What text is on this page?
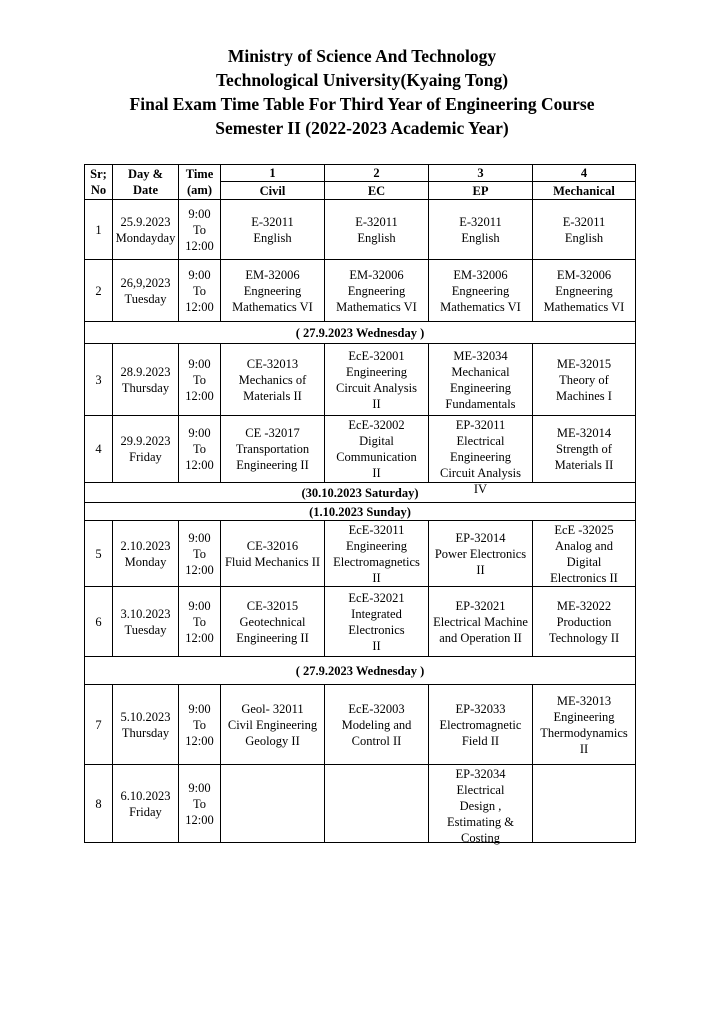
Ministry of Science And Technology
Technological University(Kyaing Tong)
Final Exam Time Table For Third Year of Engineering Course
Semester II (2022-2023 Academic Year)
Sr;
No	Day &
Date	Time
(am)	1	2	3	4
			Civil	EC	EP	Mechanical
1	25.9.2023
Mondayday	9:00
To
12:00	E-32011
English	E-32011
English	E-32011
English	E-32011
English

2	26,9,2023
Tuesday	9:00
To
12:00	EM-32006
Engneering
Mathematics VI	EM-32006
Engneering
Mathematics VI	EM-32006
Engneering
Mathematics VI	EM-32006
Engneering
Mathematics VI

( 27.9.2023 Wednesday )						
3	28.9.2023
Thursday	9:00
To
12:00	CE-32013
Mechanics of
Materials II	EcE-32001
Engineering
Circuit Analysis
II	ME-32034
Mechanical
Engineering
Fundamentals	ME-32015
Theory of
Machines I

4	29.9.2023
Friday	9:00
To
12:00	CE -32017
Transportation
Engineering II	EcE-32002
Digital
Communication
II	EP-32011
Electrical
Engineering
Circuit Analysis
IV	ME-32014
Strength of
Materials II

(30.10.2023 Saturday)						
(1.10.2023 Sunday)						
5	2.10.2023
Monday	9:00
To
12:00	CE-32016
Fluid Mechanics II	EcE-32011
Engineering
Electromagnetics
II	EP-32014
Power Electronics
II	EcE -32025
Analog and
Digital
Electronics II

6	3.10.2023
Tuesday	9:00
To
12:00	CE-32015
Geotechnical
Engineering II	EcE-32021
Integrated
Electronics
II	EP-32021
Electrical Machine
and Operation II	ME-32022
Production
Technology II

( 27.9.2023 Wednesday )						
7	5.10.2023
Thursday	9:00
To
12:00	Geol- 32011
Civil Engineering
Geology II	EcE-32003
Modeling and
Control II	EP-32033
Electromagnetic
Field II	ME-32013
Engineering
Thermodynamics
II

8	6.10.2023
Friday	9:00
To
12:00			EP-32034
Electrical
Design ,
Estimating &
Costing	
